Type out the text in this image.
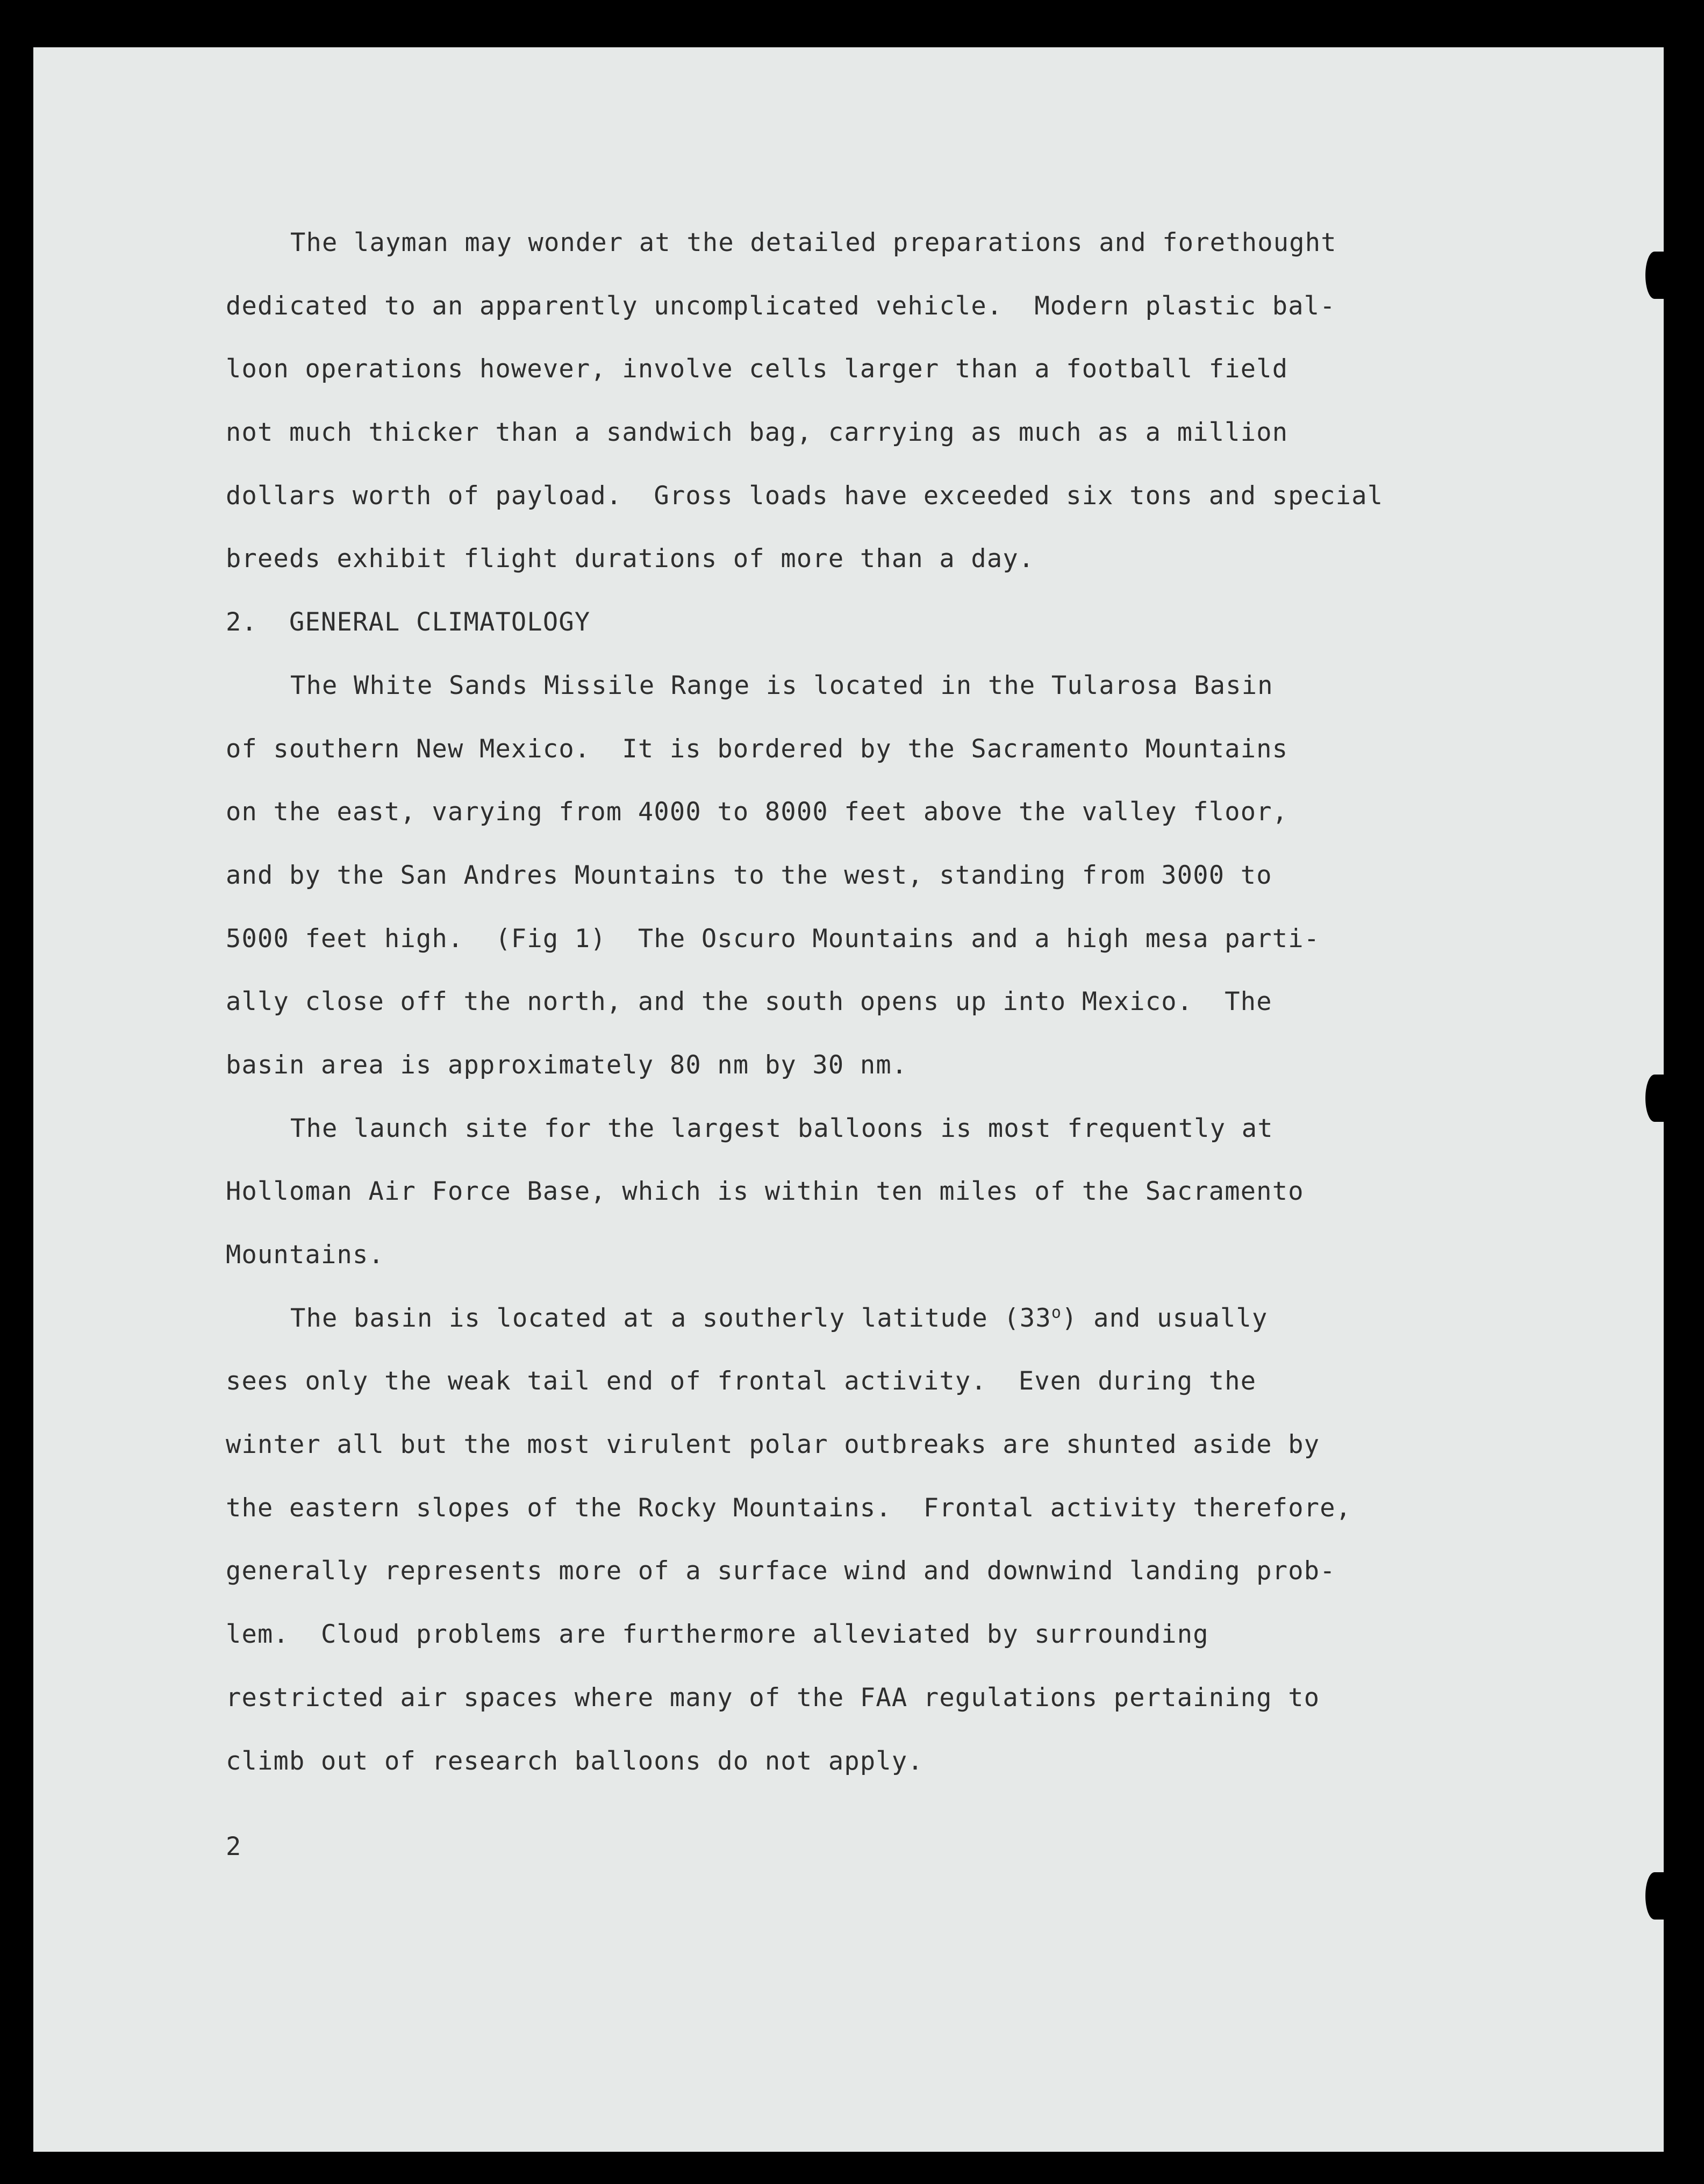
The layman may wonder at the detailed preparations and forethought
dedicated to an apparently uncomplicated vehicle.  Modern plastic bal-
loon operations however, involve cells larger than a football field
not much thicker than a sandwich bag, carrying as much as a million
dollars worth of payload.  Gross loads have exceeded six tons and special
breeds exhibit flight durations of more than a day.
2.  GENERAL CLIMATOLOGY
The White Sands Missile Range is located in the Tularosa Basin
of southern New Mexico.  It is bordered by the Sacramento Mountains
on the east, varying from 4000 to 8000 feet above the valley floor,
and by the San Andres Mountains to the west, standing from 3000 to
5000 feet high.  (Fig 1)  The Oscuro Mountains and a high mesa parti-
ally close off the north, and the south opens up into Mexico.  The
basin area is approximately 80 nm by 30 nm.
The launch site for the largest balloons is most frequently at
Holloman Air Force Base, which is within ten miles of the Sacramento
Mountains.
The basin is located at a southerly latitude (33$^o$) and usually
sees only the weak tail end of frontal activity.  Even during the
winter all but the most virulent polar outbreaks are shunted aside by
the eastern slopes of the Rocky Mountains.  Frontal activity therefore,
generally represents more of a surface wind and downwind landing prob-
lem.  Cloud problems are furthermore alleviated by surrounding
restricted air spaces where many of the FAA regulations pertaining to
climb out of research balloons do not apply.
2
